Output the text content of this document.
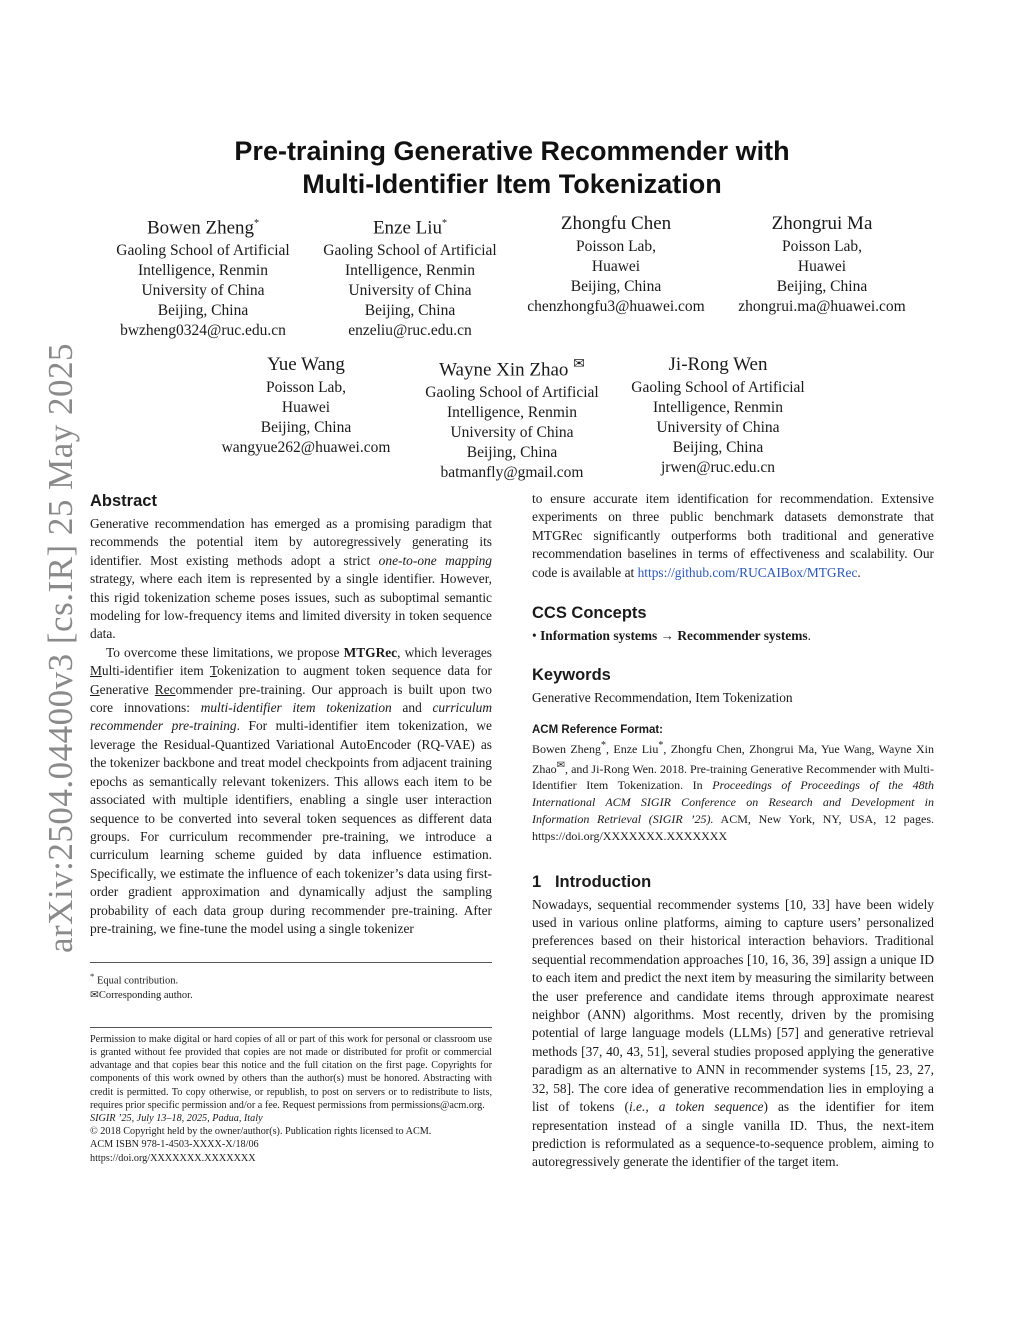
arXiv:2504.04400v3 [cs.IR] 25 May 2025
Pre-training Generative Recommender with
Multi-Identifier Item Tokenization
Bowen Zheng*
Gaoling School of Artificial
Intelligence, Renmin
University of China
Beijing, China
bwzheng0324@ruc.edu.cn
Enze Liu*
Gaoling School of Artificial
Intelligence, Renmin
University of China
Beijing, China
enzeliu@ruc.edu.cn
Zhongfu Chen
Poisson Lab,
Huawei
Beijing, China
chenzhongfu3@huawei.com
Zhongrui Ma
Poisson Lab,
Huawei
Beijing, China
zhongrui.ma@huawei.com
Yue Wang
Poisson Lab,
Huawei
Beijing, China
wangyue262@huawei.com
Wayne Xin Zhao ✉
Gaoling School of Artificial
Intelligence, Renmin
University of China
Beijing, China
batmanfly@gmail.com
Ji-Rong Wen
Gaoling School of Artificial
Intelligence, Renmin
University of China
Beijing, China
jrwen@ruc.edu.cn
Abstract

Generative recommendation has emerged as a promising paradigm that recommends the potential item by autoregressively generating its identifier. Most existing methods adopt a strict one-to-one mapping strategy, where each item is represented by a single identifier. However, this rigid tokenization scheme poses issues, such as suboptimal semantic modeling for low-frequency items and limited diversity in token sequence data.

To overcome these limitations, we propose MTGRec, which leverages Multi-identifier item Tokenization to augment token sequence data for Generative Recommender pre-training. Our approach is built upon two core innovations: multi-identifier item tokenization and curriculum recommender pre-training. For multi-identifier item tokenization, we leverage the Residual-Quantized Variational AutoEncoder (RQ-VAE) as the tokenizer backbone and treat model checkpoints from adjacent training epochs as semantically relevant tokenizers. This allows each item to be associated with multiple identifiers, enabling a single user interaction sequence to be converted into several token sequences as different data groups. For curriculum recommender pre-training, we introduce a curriculum learning scheme guided by data influence estimation. Specifically, we estimate the influence of each tokenizer’s data using first-order gradient approximation and dynamically adjust the sampling probability of each data group during recommender pre-training. After pre-training, we fine-tune the model using a single tokenizer

* Equal contribution.
✉Corresponding author.
Permission to make digital or hard copies of all or part of this work for personal or classroom use is granted without fee provided that copies are not made or distributed for profit or commercial advantage and that copies bear this notice and the full citation on the first page. Copyrights for components of this work owned by others than the author(s) must be honored. Abstracting with credit is permitted. To copy otherwise, or republish, to post on servers or to redistribute to lists, requires prior specific permission and/or a fee. Request permissions from permissions@acm.org.
SIGIR ’25, July 13–18, 2025, Padua, Italy
© 2018 Copyright held by the owner/author(s). Publication rights licensed to ACM.
ACM ISBN 978-1-4503-XXXX-X/18/06
https://doi.org/XXXXXXX.XXXXXXX

to ensure accurate item identification for recommendation. Extensive experiments on three public benchmark datasets demonstrate that MTGRec significantly outperforms both traditional and generative recommendation baselines in terms of effectiveness and scalability. Our code is available at https://github.com/RUCAIBox/MTGRec.

CCS Concepts

• Information systems → Recommender systems.

Keywords

Generative Recommendation, Item Tokenization

ACM Reference Format:
Bowen Zheng*, Enze Liu*, Zhongfu Chen, Zhongrui Ma, Yue Wang, Wayne Xin Zhao✉, and Ji-Rong Wen. 2018. Pre-training Generative Recommender with Multi-Identifier Item Tokenization. In Proceedings of Proceedings of the 48th International ACM SIGIR Conference on Research and Development in Information Retrieval (SIGIR ’25). ACM, New York, NY, USA, 12 pages. https://doi.org/XXXXXXX.XXXXXXX
1 Introduction

Nowadays, sequential recommender systems [10, 33] have been widely used in various online platforms, aiming to capture users’ personalized preferences based on their historical interaction behaviors. Traditional sequential recommendation approaches [10, 16, 36, 39] assign a unique ID to each item and predict the next item by measuring the similarity between the user preference and candidate items through approximate nearest neighbor (ANN) algorithms. Most recently, driven by the promising potential of large language models (LLMs) [57] and generative retrieval methods [37, 40, 43, 51], several studies proposed applying the generative paradigm as an alternative to ANN in recommender systems [15, 23, 27, 32, 58]. The core idea of generative recommendation lies in employing a list of tokens (i.e., a token sequence) as the identifier for item representation instead of a single vanilla ID. Thus, the next-item prediction is reformulated as a sequence-to-sequence problem, aiming to autoregressively generate the identifier of the target item.
